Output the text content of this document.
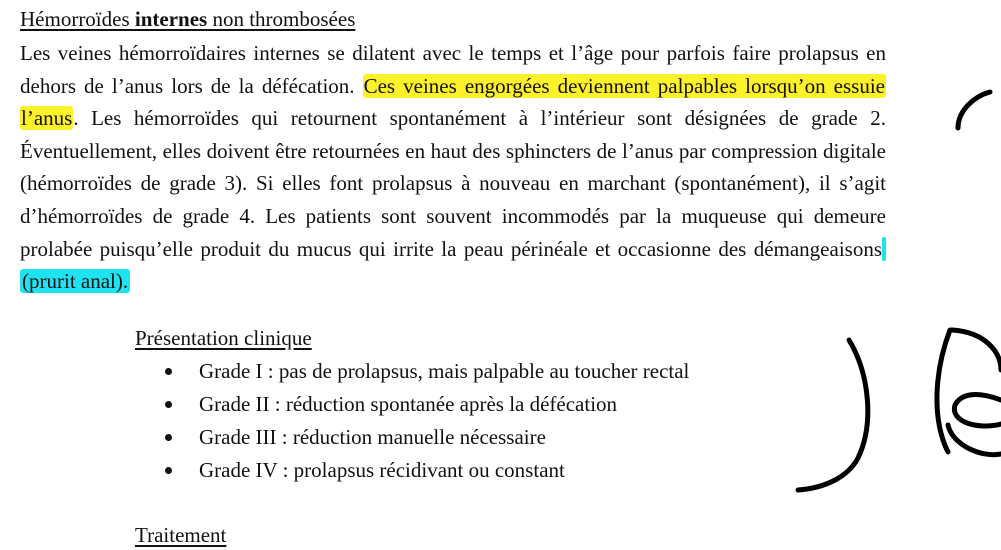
Hémorroïdes internes non thrombosées

Les veines hémorroïdaires internes se dilatent avec le temps et l’âge pour parfois faire prolapsus en dehors de l’anus lors de la défécation. Ces veines engorgées deviennent palpables lorsqu’on essuie l’anus. Les hémorroïdes qui retournent spontanément à l’intérieur sont désignées de grade 2. Éventuellement, elles doivent être retournées en haut des sphincters de l’anus par compression digitale (hémorroïdes de grade 3). Si elles font prolapsus à nouveau en marchant (spontanément), il s’agit d’hémorroïdes de grade 4. Les patients sont souvent incommodés par la muqueuse qui demeure prolabée puisqu’elle produit du mucus qui irrite la peau périnéale et occasionne des démangeaisons (prurit anal).

Présentation clinique
Grade I : pas de prolapsus, mais palpable au toucher rectal
Grade II : réduction spontanée après la défécation
Grade III : réduction manuelle nécessaire
Grade IV : prolapsus récidivant ou constant
Traitement
